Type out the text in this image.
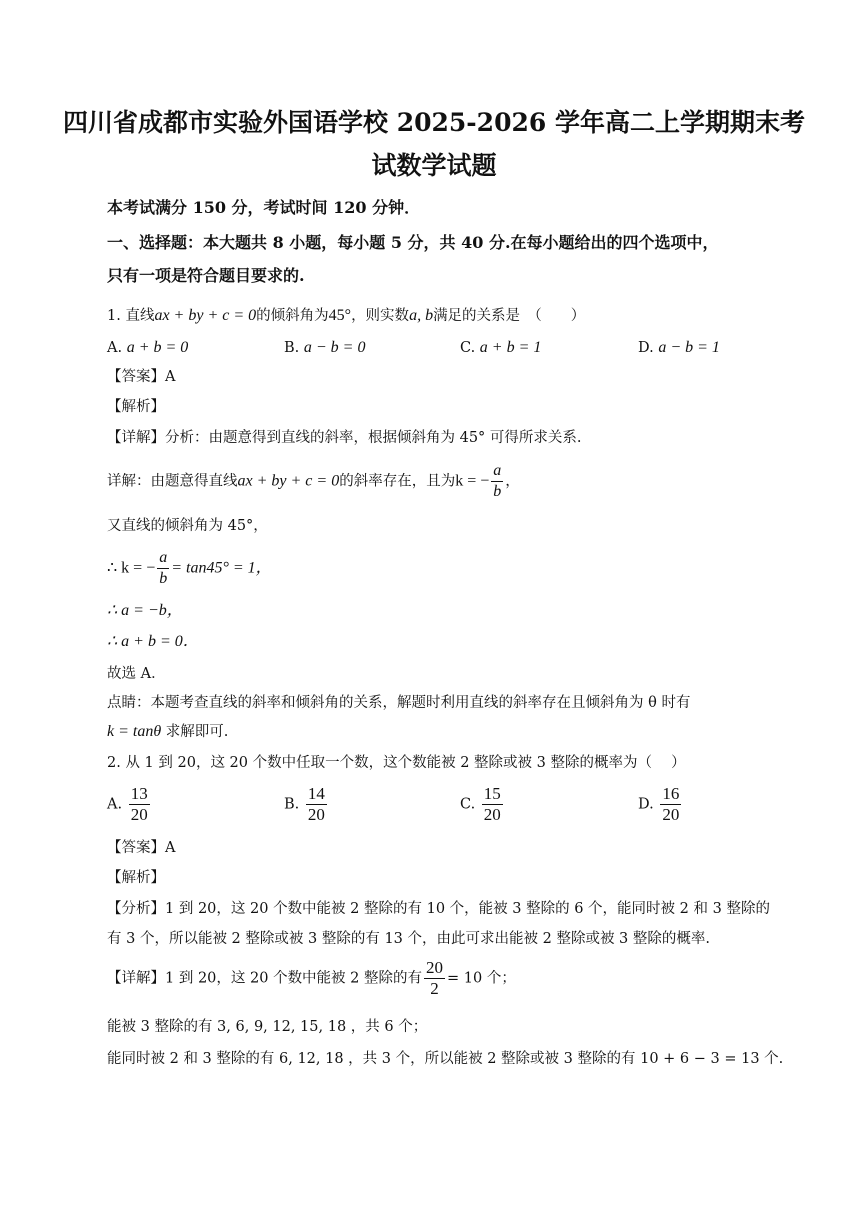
四川省成都市实验外国语学校 2025-2026 学年高二上学期期末考
试数学试题
本考试满分 150 分，考试时间 120 分钟．
一、选择题：本大题共 8 小题，每小题 5 分，共 40 分.在每小题给出的四个选项中，
只有一项是符合题目要求的.
1. 直线ax + by + c = 0的倾斜角为45°，则实数a, b满足的关系是　（　　）
A. a + b = 0	B. a − b = 0	C. a + b = 1	D. a − b = 1
【答案】A
【解析】
【详解】分析：由题意得到直线的斜率，根据倾斜角为 45° 可得所求关系.
详解：由题意得直线ax + by + c = 0的斜率存在，且为k = − $\frac{a}{b}$ ，
又直线的倾斜角为 45°，
∴ k = − $\frac{a}{b} = \tan 45^\circ = 1$，
∴ a = −b，
∴ a + b = 0．
故选 A．
点睛：本题考查直线的斜率和倾斜角的关系，解题时利用直线的斜率存在且倾斜角为 θ 时有
k = tanθ 求解即可.
2. 从 1 到 20，这 20 个数中任取一个数，这个数能被 2 整除或被 3 整除的概率为（　 ）
A. $\frac{13}{20}$	B. $\frac{14}{20}$	C. $\frac{15}{20}$	D. $\frac{16}{20}$
【答案】A
【解析】
【分析】1 到 20，这 20 个数中能被 2 整除的有 10 个，能被 3 整除的 6 个，能同时被 2 和 3 整除的
有 3 个，所以能被 2 整除或被 3 整除的有 13 个，由此可求出能被 2 整除或被 3 整除的概率.
【详解】1 到 20，这 20 个数中能被 2 整除的有 $\frac{20}{2} = 10$ 个；
能被 3 整除的有 3, 6, 9, 12, 15, 18 ，共 6 个；
能同时被 2 和 3 整除的有 6, 12, 18 ，共 3 个，所以能被 2 整除或被 3 整除的有 10 + 6 − 3 = 13 个.
